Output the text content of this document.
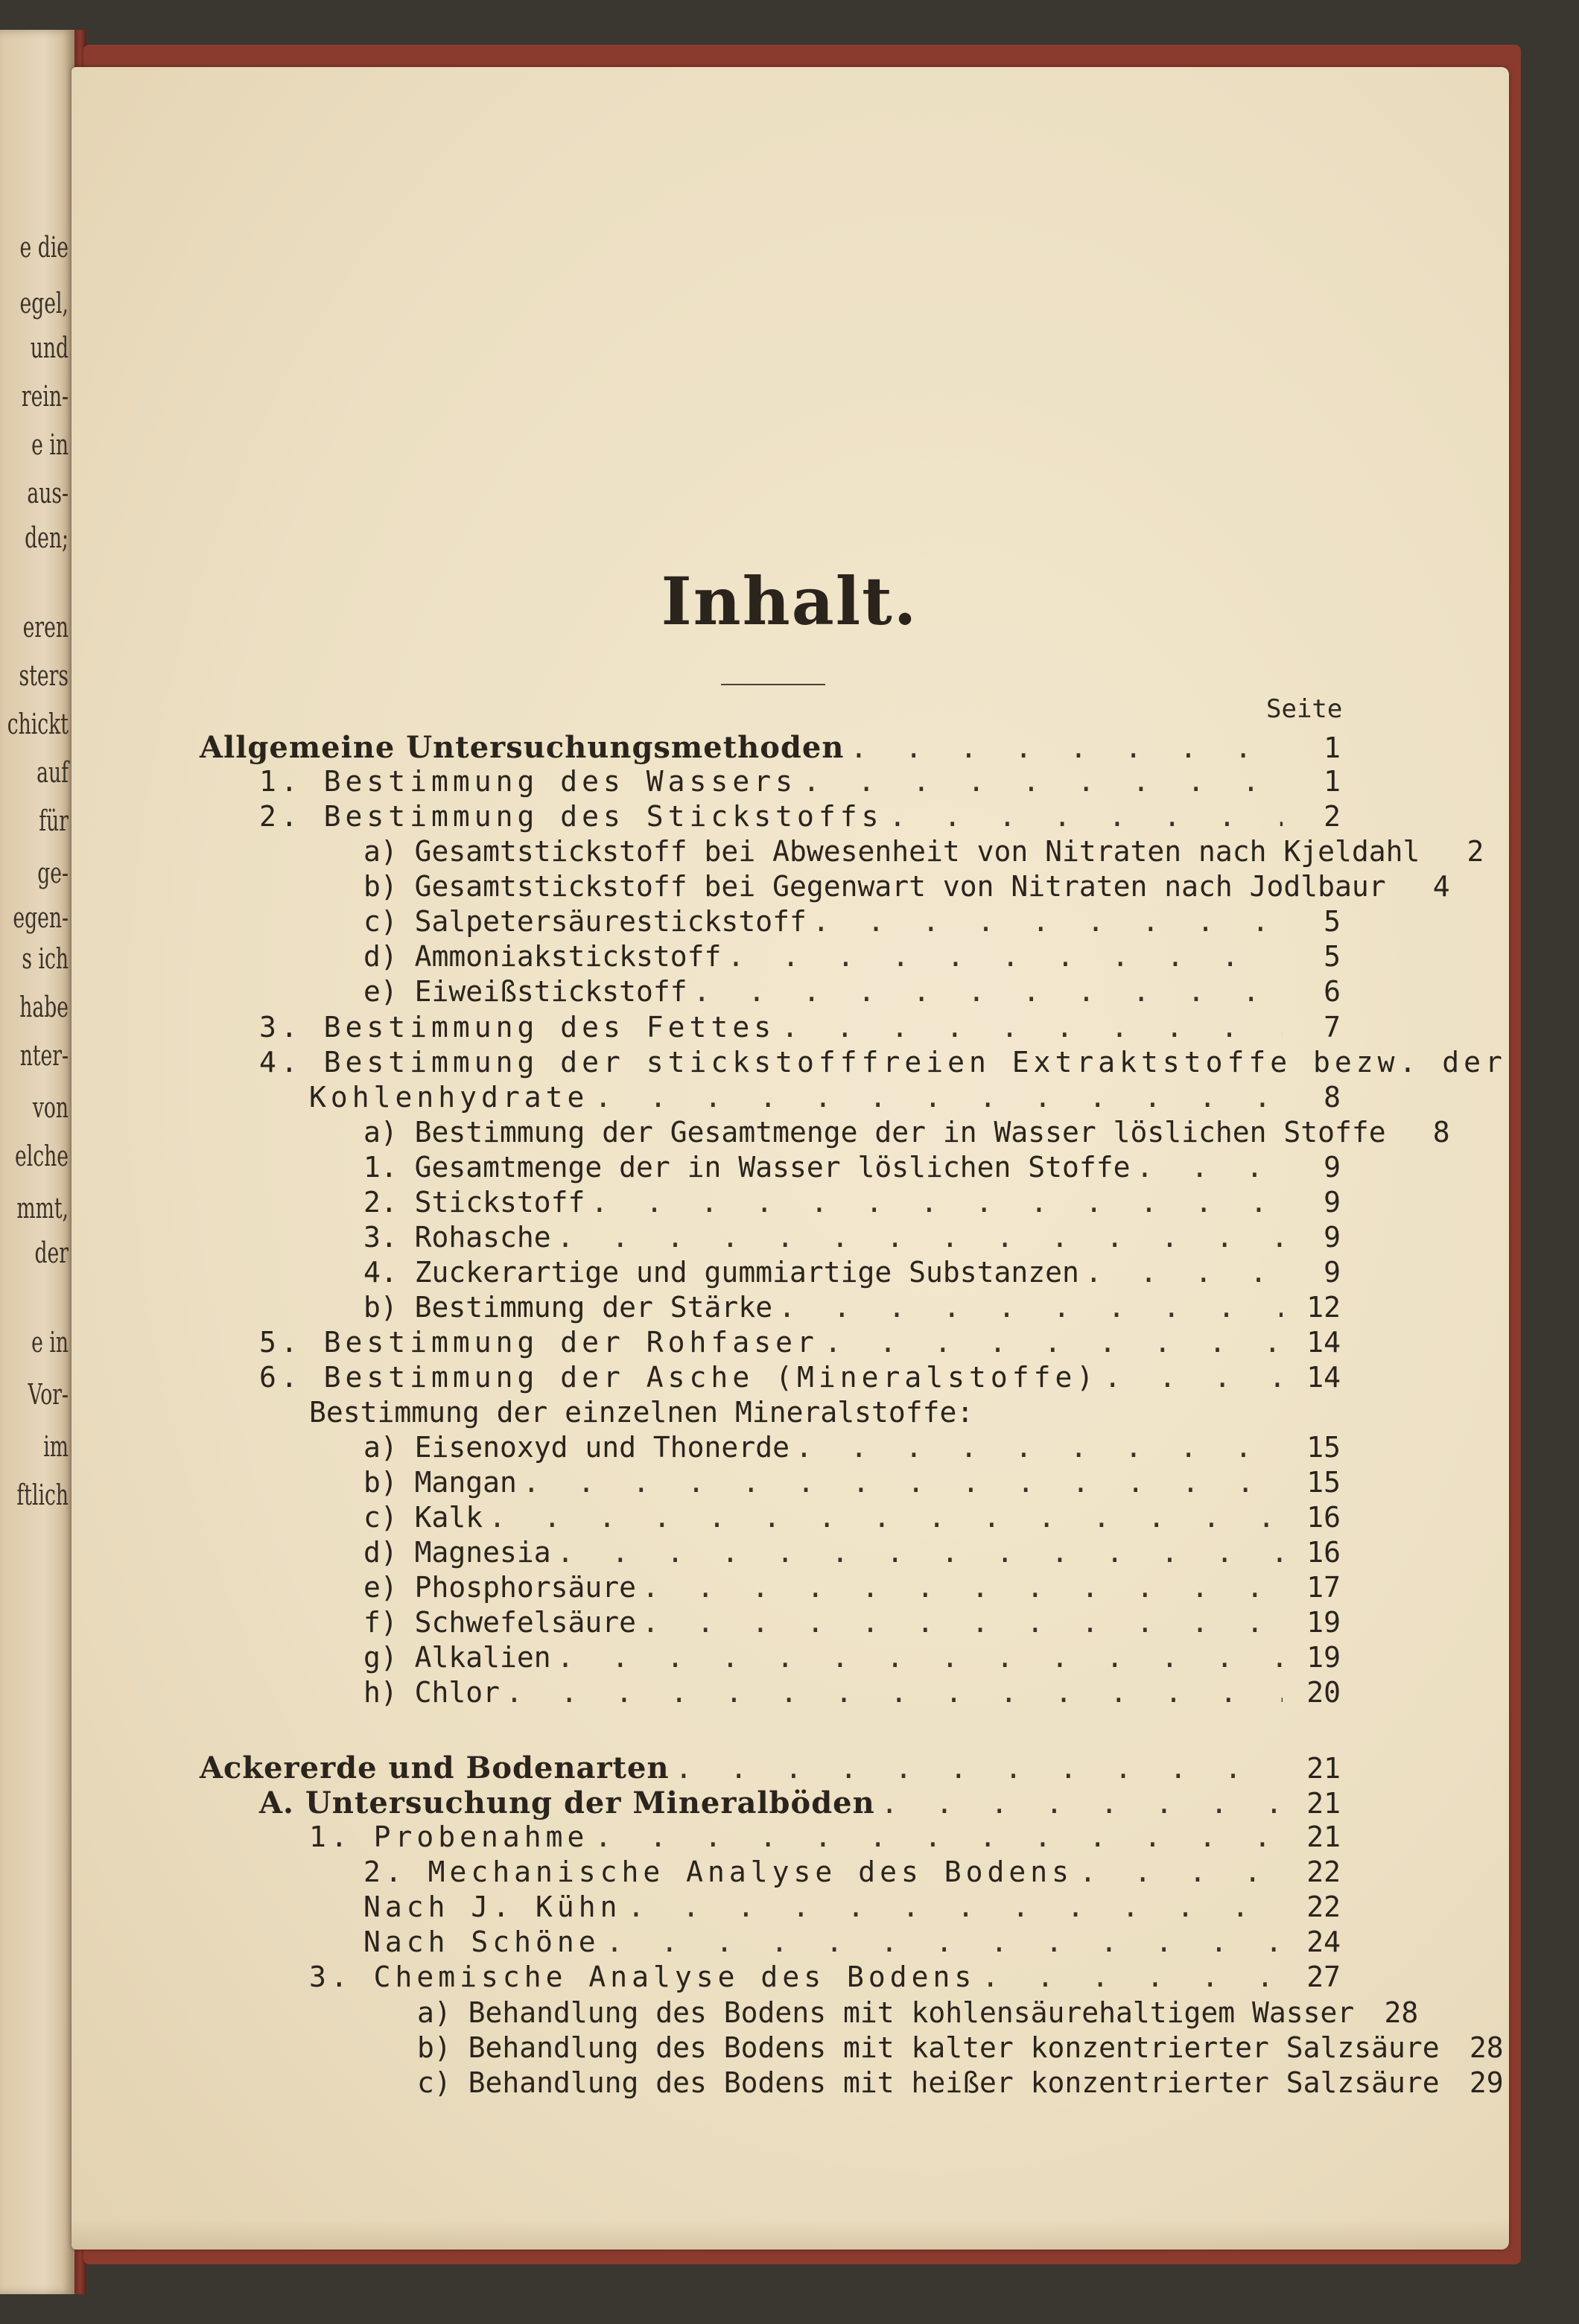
e die
egel,
und
rein-
e in
aus-
den;
eren
sters
chickt
auf
für
ge-
egen-
s ich
habe
nter-
von
elche
mmt,
der
e in
Vor-
im
ftlich
Inhalt.
Seite
Allgemeine Untersuchungsmethoden . . .	1
1. Bestimmung des Wassers . . .	1
2. Bestimmung des Stickstoffs . . .	2
a) Gesamtstickstoff bei Abwesenheit von Nitraten nach Kjeldahl	2
b) Gesamtstickstoff bei Gegenwart von Nitraten nach Jodlbaur	4
c) Salpetersäurestickstoff . . .	5
d) Ammoniakstickstoff . . .	5
e) Eiweißstickstoff . . .	6
3. Bestimmung des Fettes . . .	7
4. Bestimmung der stickstofffreien Extraktstoffe bezw. der
Kohlenhydrate . . .	8
a) Bestimmung der Gesamtmenge der in Wasser löslichen Stoffe	8
1. Gesamtmenge der in Wasser löslichen Stoffe . . .	9
2. Stickstoff . . .	9
3. Rohasche . . .	9
4. Zuckerartige und gummiartige Substanzen . . .	9
b) Bestimmung der Stärke . . .	12
5. Bestimmung der Rohfaser . . .	14
6. Bestimmung der Asche (Mineralstoffe) . . .	14
Bestimmung der einzelnen Mineralstoffe:
a) Eisenoxyd und Thonerde . . .	15
b) Mangan . . .	15
c) Kalk . . .	16
d) Magnesia . . .	16
e) Phosphorsäure . . .	17
f) Schwefelsäure . . .	19
g) Alkalien . . .	19
h) Chlor . . .	20
Ackererde und Bodenarten . . .	21
A. Untersuchung der Mineralböden . . .	21
1. Probenahme . . .	21
2. Mechanische Analyse des Bodens . . .	22
Nach J. Kühn . . .	22
Nach Schöne . . .	24
3. Chemische Analyse des Bodens . . .	27
a) Behandlung des Bodens mit kohlensäurehaltigem Wasser	28
b) Behandlung des Bodens mit kalter konzentrierter Salzsäure	28
c) Behandlung des Bodens mit heißer konzentrierter Salzsäure	29
